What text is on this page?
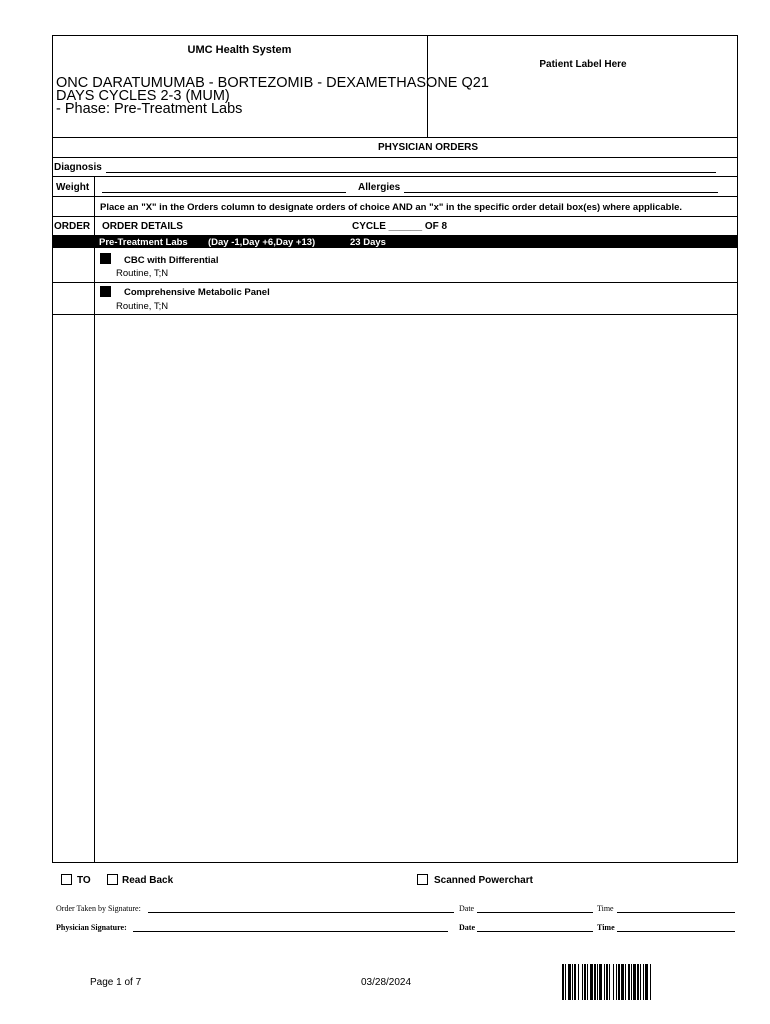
UMC Health System
Patient Label Here
ONC DARATUMUMAB - BORTEZOMIB - DEXAMETHASONE Q21
DAYS CYCLES 2-3 (MUM)
- Phase: Pre-Treatment Labs
PHYSICIAN ORDERS
Diagnosis
Weight	Allergies
Place an "X" in the Orders column to designate orders of choice AND an "x" in the specific order detail box(es) where applicable.
ORDER ORDER DETAILS	CYCLE ______ OF 8
Pre-Treatment Labs (Day -1,Day +6,Day +13)	23 Days
CBC with Differential
Routine, T;N
Comprehensive Metabolic Panel
Routine, T;N
TO	Read Back	Scanned Powerchart
Order Taken by Signature:	Date	Time
Physician Signature:	Date	Time
Page 1 of 7	03/28/2024
